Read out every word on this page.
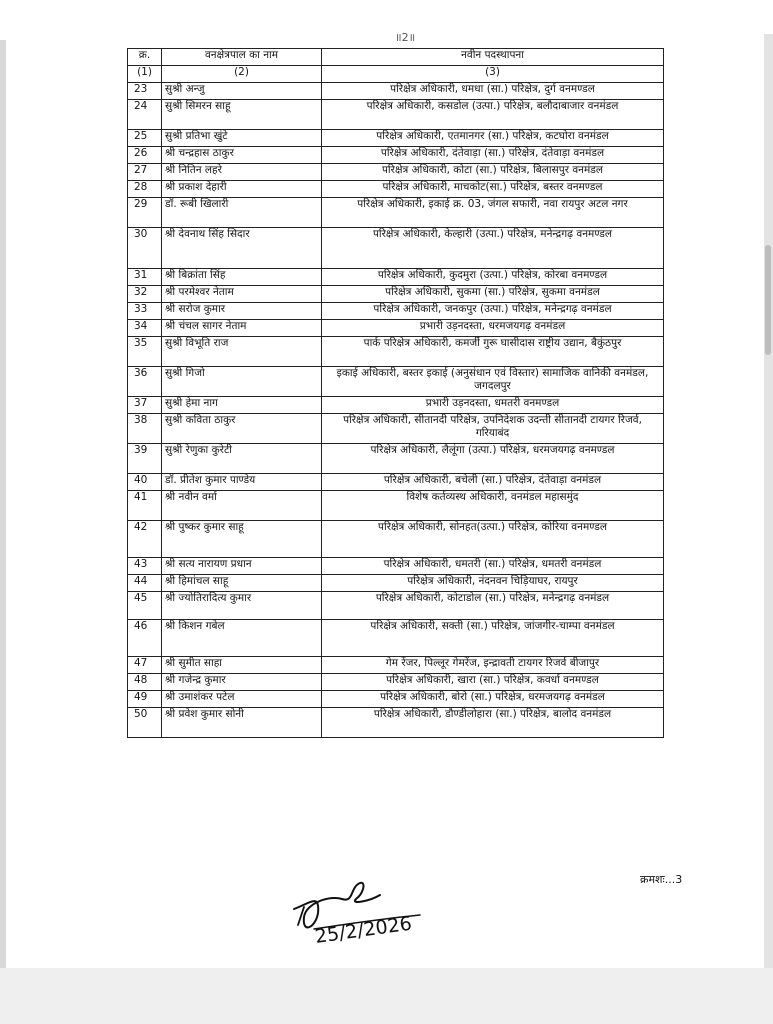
॥2॥
क्र.	वनक्षेत्रपाल का नाम	नवीन पदस्थापना
(1)	(2)	(3)
23	सुश्री अन्जु	परिक्षेत्र अधिकारी, धमधा (सा.) परिक्षेत्र, दुर्ग वनमण्डल
24	सुश्री सिमरन साहू	परिक्षेत्र अधिकारी, कसडोल (उत्पा.) परिक्षेत्र, बलौदाबाजार वनमंडल
25	सुश्री प्रतिभा खुंटे	परिक्षेत्र अधिकारी, एतमानगर (सा.) परिक्षेत्र, कटघोरा वनमंडल
26	श्री चन्द्रहास ठाकुर	परिक्षेत्र अधिकारी, दंतेवाड़ा (सा.) परिक्षेत्र, दंतेवाड़ा वनमंडल
27	श्री नितिन लहरे	परिक्षेत्र अधिकारी, कोटा (सा.) परिक्षेत्र, बिलासपुर वनमंडल
28	श्री प्रकाश देहारी	परिक्षेत्र अधिकारी, माचकोट(सा.) परिक्षेत्र, बस्तर वनमण्डल
29	डॉ. रूबी खिलारी	परिक्षेत्र अधिकारी, इकाई क्र. 03, जंगल सफारी, नवा रायपुर अटल नगर
30	श्री देवनाथ सिंह सिदार	परिक्षेत्र अधिकारी, केल्हारी (उत्पा.) परिक्षेत्र, मनेन्द्रगढ़ वनमण्डल
31	श्री बिक्रांता सिंह	परिक्षेत्र अधिकारी, कुदमुरा (उत्पा.) परिक्षेत्र, कोरबा वनमण्डल
32	श्री परमेश्वर नेताम	परिक्षेत्र अधिकारी, सुकमा (सा.) परिक्षेत्र, सुकमा वनमंडल
33	श्री सरोज कुमार	परिक्षेत्र अधिकारी, जनकपुर (उत्पा.) परिक्षेत्र, मनेन्द्रगढ़ वनमंडल
34	श्री चंचल सागर नेताम	प्रभारी उड़नदस्ता, धरमजयगढ़ वनमंडल
35	सुश्री विभूति राज	पार्क परिक्षेत्र अधिकारी, कमर्जी गुरू घासीदास राष्ट्रीय उद्यान, बैकुंठपुर
36	सुश्री गिजो	इकाई अधिकारी, बस्तर इकाई (अनुसंधान एवं विस्तार) सामाजिक वानिकी वनमंडल, जगदलपुर
37	सुश्री हेमा नाग	प्रभारी उड़नदस्ता, धमतरी वनमण्डल
38	सुश्री कविता ठाकुर	परिक्षेत्र अधिकारी, सीतानदी परिक्षेत्र, उपनिदेशक उदन्ती सीतानदी टायगर रिजर्व, गरियाबंद
39	सुश्री रेणुका कुरेटी	परिक्षेत्र अधिकारी, लैलूंगा (उत्पा.) परिक्षेत्र, धरमजयगढ़ वनमण्डल
40	डॉ. प्रीतेश कुमार पाण्डेय	परिक्षेत्र अधिकारी, बचेली (सा.) परिक्षेत्र, दंतेवाड़ा वनमंडल
41	श्री नवीन वर्मा	विशेष कर्तव्यस्थ अधिकारी, वनमंडल महासमुंद
42	श्री पुष्कर कुमार साहू	परिक्षेत्र अधिकारी, सोनहत(उत्पा.) परिक्षेत्र, कोरिया वनमण्डल
43	श्री सत्य नारायण प्रधान	परिक्षेत्र अधिकारी, धमतरी (सा.) परिक्षेत्र, धमतरी वनमंडल
44	श्री हिमांचल साहू	परिक्षेत्र अधिकारी, नंदनवन चिड़ियाघर, रायपुर
45	श्री ज्योतिरादित्य कुमार	परिक्षेत्र अधिकारी, कोटाडोल (सा.) परिक्षेत्र, मनेन्द्रगढ़ वनमंडल
46	श्री किशन गबेल	परिक्षेत्र अधिकारी, सक्ती (सा.) परिक्षेत्र, जांजगीर-चाम्पा वनमंडल
47	श्री सुमीत साहा	गेम रेंजर, पिल्लूर गेमरेंज, इन्द्रावती टायगर रिजर्व बीजापुर
48	श्री गजेन्द्र कुमार	परिक्षेत्र अधिकारी, खारा (सा.) परिक्षेत्र, कवर्धा वनमण्डल
49	श्री उमाशंकर पटेल	परिक्षेत्र अधिकारी, बोरो (सा.) परिक्षेत्र, धरमजयगढ़ वनमंडल
50	श्री प्रवेश कुमार सोनी	परिक्षेत्र अधिकारी, डौण्डीलोहारा (सा.) परिक्षेत्र, बालोद वनमंडल
क्रमशः...3
25/2/2026
